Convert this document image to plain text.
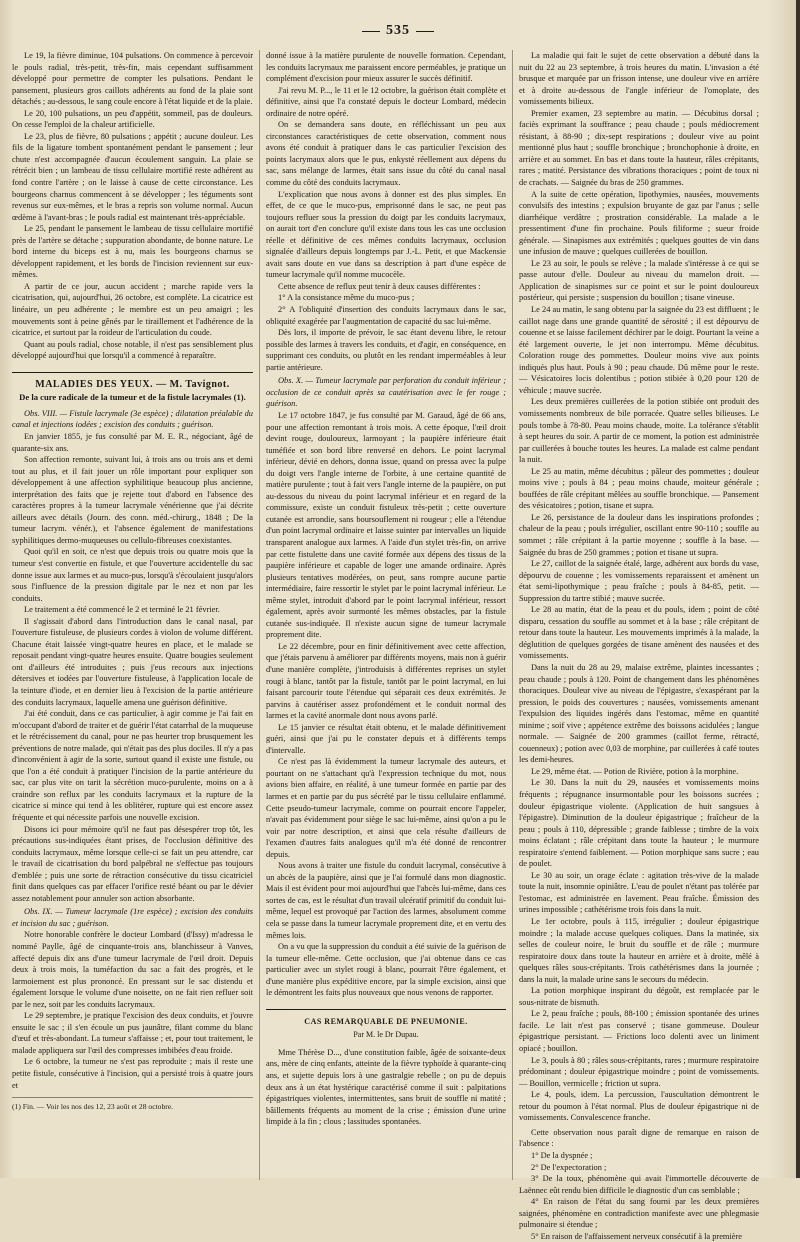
535

Le 19, la fièvre diminue, 104 pulsations. On commence à percevoir le pouls radial, très-petit, très-fin, mais cependant suffisamment développé pour permettre de compter les pulsations. Pendant le pansement, plusieurs gros caillots adhérents au fond de la plaie sont détachés ; au-dessous, le sang coule encore à l'état liquide et de la plaie.

Le 20, 100 pulsations, un peu d'appétit, sommeil, pas de douleurs. On cesse l'emploi de la chaleur artificielle.

Le 23, plus de fièvre, 80 pulsations ; appétit ; aucune douleur. Les fils de la ligature tombent spontanément pendant le pansement ; leur chute n'est accompagnée d'aucun écoulement sanguin. La plaie se rétrécit bien ; un lambeau de tissu cellulaire mortifié reste adhérent au fond contre l'artère ; on le laisse à cause de cette circonstance. Les bourgeons charnus commencent à se développer ; les téguments sont revenus sur eux-mêmes, et le bras a repris son volume normal. Aucun œdème à l'avant-bras ; le pouls radial est maintenant très-appréciable.

Le 25, pendant le pansement le lambeau de tissu cellulaire mortifié près de l'artère se détache ; suppuration abondante, de bonne nature. Le bord interne du biceps est à nu, mais les bourgeons charnus se développent rapidement, et les bords de l'incision reviennent sur eux-mêmes.

A partir de ce jour, aucun accident ; marche rapide vers la cicatrisation, qui, aujourd'hui, 26 octobre, est complète. La cicatrice est linéaire, un peu adhérente ; le membre est un peu amaigri ; les mouvements sont à peine gênés par le tiraillement et l'adhérence de la cicatrice, et surtout par la roideur de l'articulation du coude.

Quant au pouls radial, chose notable, il n'est pas sensiblement plus développé aujourd'hui que lorsqu'il a commencé à reparaître.

MALADIES DES YEUX. — M. Tavignot.

De la cure radicale de la tumeur et de la fistule lacrymales (1).

Obs. VIII. — Fistule lacrymale (3e espèce) ; dilatation préalable du canal et injections iodées ; excision des conduits ; guérison.

En janvier 1855, je fus consulté par M. E. R., négociant, âgé de quarante-six ans.

Son affection remonte, suivant lui, à trois ans ou trois ans et demi tout au plus, et il fait jouer un rôle important pour expliquer son développement à une affection syphilitique beaucoup plus ancienne, interprétation des faits que je rejette tout d'abord en l'absence des caractères propres à la tumeur lacrymale vénérienne que j'ai décrite ailleurs avec détails (Journ. des conn. méd.-chirurg., 1848 ; De la tumeur lacrym. vénér.), et l'absence également de manifestations syphilitiques dermo-muqueuses ou cellulo-fibreuses coexistantes.

Quoi qu'il en soit, ce n'est que depuis trois ou quatre mois que la tumeur s'est convertie en fistule, et que l'ouverture accidentelle du sac donne issue aux larmes et au muco-pus, lorsqu'à s'écoulaient jusqu'alors sous l'influence de la pression digitale par le nez et non par les conduits.

Le traitement a été commencé le 2 et terminé le 21 février.

Il s'agissait d'abord dans l'introduction dans le canal nasal, par l'ouverture fistuleuse, de plusieurs cordes à violon de volume différent. Chacune était laissée vingt-quatre heures en place, et le malade se reposait pendant vingt-quatre heures ensuite. Quatre bougies seulement ont d'ailleurs été introduites ; puis j'eus recours aux injections détersives et iodées par l'ouverture fistuleuse, à l'application locale de la teinture d'iode, et en dernier lieu à l'excision de la partie antérieure des conduits lacrymaux, laquelle amena une guérison définitive.

J'ai été conduit, dans ce cas particulier, à agir comme je l'ai fait en m'occupant d'abord de traiter et de guérir l'état catarrhal de la muqueuse et le rétrécissement du canal, pour ne pas heurter trop brusquement les préventions de notre malade, qui n'était pas des plus dociles. Il n'y a pas d'inconvénient à agir de la sorte, surtout quand il existe une fistule, ou que l'on a été conduit à pratiquer l'incision de la partie antérieure du sac, car plus vite on tarit la sécrétion muco-purulente, moins on a à craindre son reflux par les conduits lacrymaux et la rupture de la cicatrice si mince qui tend à les oblitérer, rupture qui est encore assez fréquente et qui nécessite parfois une nouvelle excision.

Disons ici pour mémoire qu'il ne faut pas désespérer trop tôt, les précautions sus-indiquées étant prises, de l'occlusion définitive des conduits lacrymaux, même lorsque celle-ci se fait un peu attendre, car le travail de cicatrisation du bord palpébral ne s'effectue pas toujours d'emblée ; puis une sorte de rétraction consécutive du tissu cicatriciel finit dans quelques cas par effacer l'orifice resté béant ou par le dévier assez notablement pour annuler son action absorbante.

Obs. IX. — Tumeur lacrymale (1re espèce) ; excision des conduits et incision du sac ; guérison.

Notre honorable confrère le docteur Lombard (d'Issy) m'adressa le nommé Paylle, âgé de cinquante-trois ans, blanchisseur à Vanves, affecté depuis dix ans d'une tumeur lacrymale de l'œil droit. Depuis deux à trois mois, la tuméfaction du sac a fait des progrès, et le larmoiement est plus prononcé. En pressant sur le sac distendu et également lorsque le volume d'une noisette, on ne fait rien refluer soit par le nez, soit par les conduits lacrymaux.

Le 29 septembre, je pratique l'excision des deux conduits, et j'ouvre ensuite le sac ; il s'en écoule un pus jaunâtre, filant comme du blanc d'œuf et très-abondant. La tumeur s'affaisse ; et, pour tout traitement, le malade appliquera sur l'œil des compresses imbibées d'eau froide.

Le 6 octobre, la tumeur ne s'est pas reproduite ; mais il reste une petite fistule, consécutive à l'incision, qui a persisté trois à quatre jours et

(1) Fin. — Voir les nos des 12, 23 août et 28 octobre.

donné issue à la matière purulente de nouvelle formation. Cependant, les conduits lacrymaux me paraissent encore perméables, je pratique un complément d'excision pour mieux assurer le succès définitif.

J'ai revu M. P..., le 11 et le 12 octobre, la guérison était complète et définitive, ainsi que l'a constaté depuis le docteur Lombard, médecin ordinaire de notre opéré.

On se demandera sans doute, en réfléchissant un peu aux circonstances caractéristiques de cette observation, comment nous avons été conduit à pratiquer dans le cas particulier l'excision des points lacrymaux alors que le pus, enkysté réellement aux dépens du sac, sans mélange de larmes, était sans issue du côté du canal nasal comme du côté des conduits lacrymaux.

L'explication que nous avons à donner est des plus simples. En effet, de ce que le muco-pus, emprisonné dans le sac, ne peut pas toujours refluer sous la pression du doigt par les conduits lacrymaux, on aurait tort d'en conclure qu'il existe dans tous les cas une occlusion réelle et définitive de ces mêmes conduits lacrymaux, occlusion signalée d'ailleurs depuis longtemps par J.-L. Petit, et que Mackensie avait sans doute en vue dans sa description à part d'une espèce de tumeur lacrymale qu'il nomme mucocèle.

Cette absence de reflux peut tenir à deux causes différentes :

1° A la consistance même du muco-pus ;

2° A l'obliquité d'insertion des conduits lacrymaux dans le sac, obliquité exagérée par l'augmentation de capacité du sac lui-même.

Dès lors, il importe de prévoir, le sac étant devenu libre, le retour possible des larmes à travers les conduits, et d'agir, en conséquence, en supprimant ces conduits, ou plutôt en les rendant imperméables à leur partie antérieure.

Obs. X. — Tumeur lacrymale par perforation du conduit inférieur ; occlusion de ce conduit après sa cautérisation avec le fer rouge ; guérison.

Le 17 octobre 1847, je fus consulté par M. Garaud, âgé de 66 ans, pour une affection remontant à trois mois. A cette époque, l'œil droit devint rouge, douloureux, larmoyant ; la paupière inférieure était tuméfiée et son bord libre renversé en dehors. Le point lacrymal inférieur, dévié en dehors, donna issue, quand on pressa avec la pulpe du doigt vers l'angle interne de l'orbite, à une certaine quantité de matière purulente ; tout à fait vers l'angle interne de la paupière, on put au-dessous du niveau du point lacrymal inférieur et en regard de la commissure, existe un conduit fistuleux très-petit ; cette ouverture cutanée est arrondie, sans boursouflement ni rougeur ; elle a l'étendue d'un point lacrymal ordinaire et laisse suinter par intervalles un liquide transparent analogue aux larmes. A l'aide d'un stylet très-fin, on arrive par cette fistulette dans une cavité formée aux dépens des tissus de la paupière inférieure et capable de loger une amande ordinaire. Après plusieurs tentatives modérées, on peut, sans rompre aucune partie intermédiaire, faire ressortir le stylet par le point lacrymal inférieur. Le même stylet, introduit d'abord par le point lacrymal inférieur, ressort également, après avoir surmonté les mêmes obstacles, par la fistule cutanée sus-indiquée. Il n'existe aucun signe de tumeur lacrymale proprement dite.

Le 22 décembre, pour en finir définitivement avec cette affection, que j'étais parvenu à améliorer par différents moyens, mais non à guérir d'une manière complète, j'introduisis à différentes reprises un stylet rougi à blanc, tantôt par la fistule, tantôt par le point lacrymal, en lui faisant parcourir toute l'étendue qui séparait ces deux extrémités. Je parvins à cautériser assez profondément et le conduit normal des larmes et la cavité anormale dont nous avons parlé.

Le 15 janvier ce résultat était obtenu, et le malade définitivement guéri, ainsi que j'ai pu le constater depuis et à différents temps d'intervalle.

Ce n'est pas là évidemment la tumeur lacrymale des auteurs, et pourtant on ne s'attachant qu'à l'expression technique du mot, nous avions bien affaire, en réalité, à une tumeur formée en partie par des larmes et en partie par du pus sécrété par le tissu cellulaire enflammé. Cette pseudo-tumeur lacrymale, comme on pourrait encore l'appeler, n'avait pas évidemment pour siège le sac lui-même, ainsi qu'on a pu le voir par notre description, et ainsi que cela résulte d'ailleurs de l'examen d'autres faits analogues qu'il m'a été donné de rencontrer depuis.

Nous avons à traiter une fistule du conduit lacrymal, consécutive à un abcès de la paupière, ainsi que je l'ai formulé dans mon diagnostic. Mais il est évident pour moi aujourd'hui que l'abcès lui-même, dans ces sortes de cas, est le résultat d'un travail ulcératif primitif du conduit lui-même, lequel est provoqué par l'action des larmes, absolument comme cela se passe dans la tumeur lacrymale proprement dite, et en vertu des mêmes lois.

On a vu que la suppression du conduit a été suivie de la guérison de la tumeur elle-même. Cette occlusion, que j'ai obtenue dans ce cas particulier avec un stylet rougi à blanc, pourrait l'être également, et d'une manière plus expéditive encore, par la simple excision, ainsi que le démontrent les faits plus nouveaux que nous venons de rapporter.

CAS REMARQUABLE DE PNEUMONIE.

Par M. le Dr Dupau.

Mme Thérèse D..., d'une constitution faible, âgée de soixante-deux ans, mère de cinq enfants, atteinte de la fièvre typhoïde à quarante-cinq ans, et sujette depuis lors à une gastralgie rebelle ; on pu de depuis deux ans à un état hystérique caractérisé comme il suit : palpitations épigastriques violentes, intermittentes, sans bruit de souffle ni matité ; bâillements fréquents au moment de la crise ; émission d'une urine limpide à la fin ; clous ; lassitudes spontanées.

La maladie qui fait le sujet de cette observation a débuté dans la nuit du 22 au 23 septembre, à trois heures du matin. L'invasion a été brusque et marquée par un frisson intense, une douleur vive en arrière et à droite au-dessous de l'angle inférieur de l'omoplate, des vomissements bilieux.

Premier examen, 23 septembre au matin. — Décubitus dorsal ; faciès exprimant la souffrance ; peau chaude ; pouls médiocrement résistant, à 88-90 ; dix-sept respirations ; douleur vive au point mentionné plus haut ; souffle bronchique ; bronchophonie à droite, en arrière et au sommet. En bas et dans toute la hauteur, râles crépitants, rares ; matité. Persistance des vibrations thoraciques ; point de toux ni de crachats. — Saignée du bras de 250 grammes.

A la suite de cette opération, lipothymies, nausées, mouvements convulsifs des intestins ; expulsion bruyante de gaz par l'anus ; selle diarrhéique verdâtre ; prostration considérable. La malade a le pressentiment d'une fin prochaine. Pouls filiforme ; sueur froide générale. — Sinapismes aux extrémités ; quelques gouttes de vin dans une infusion de mauve ; quelques cuillerées de bouillon.

Le 23 au soir, le pouls se relève ; la malade s'intéresse à ce qui se passe autour d'elle. Douleur au niveau du mamelon droit. — Application de sinapismes sur ce point et sur le point douloureux postérieur, qui persiste ; suspension du bouillon ; tisane vineuse.

Le 24 au matin, le sang obtenu par la saignée du 23 est diffluent ; le caillot nage dans une grande quantité de sérosité ; il est dépourvu de couenne et se laisse facilement déchirer par le doigt. Pourtant la veine a été largement ouverte, le jet non interrompu. Même décubitus. Coloration rouge des pommettes. Douleur moins vive aux points indiqués plus haut. Pouls à 90 ; peau chaude. Dû même pour le reste. — Vésicatoires locis dolentibus ; potion stibiée à 0,20 pour 120 de véhicule ; mauve sucrée.

Les deux premières cuillerées de la potion stibiée ont produit des vomissements nombreux de bile porracée. Quatre selles bilieuses. Le pouls tombe à 78-80. Peau moins chaude, moite. La tolérance s'établit à sept heures du soir. A partir de ce moment, la potion est administrée par cuillerées à bouche toutes les heures. La malade est calme pendant la nuit.

Le 25 au matin, même décubitus ; pâleur des pommettes ; douleur moins vive ; pouls à 84 ; peau moins chaude, moiteur générale ; bouffées de râle crépitant mêlées au souffle bronchique. — Pansement des vésicatoires ; potion, tisane et supra.

Le 26, persistance de la douleur dans les inspirations profondes ; chaleur de la peau ; pouls irrégulier, oscillant entre 90-110 ; souffle au sommet ; râle crépitant à la partie moyenne ; souffle à la base. — Saignée du bras de 250 grammes ; potion et tisane ut supra.

Le 27, caillot de la saignée étalé, large, adhérent aux bords du vase, dépourvu de couenne ; les vomissements reparaissent et amènent un état semi-lipothymique ; peau fraîche ; pouls à 84-85, petit. — Suppression du tartre stibié ; mauve sucrée.

Le 28 au matin, état de la peau et du pouls, idem ; point de côté disparu, cessation du souffle au sommet et à la base ; râle crépitant de retour dans toute la hauteur. Les mouvements imprimés à la malade, la déglutition de quelques gorgées de tisane amènent des nausées et des vomissements.

Dans la nuit du 28 au 29, malaise extrême, plaintes incessantes ; peau chaude ; pouls à 120. Point de changement dans les phénomènes thoraciques. Douleur vive au niveau de l'épigastre, s'exaspérant par la pression, le poids des couvertures ; nausées, vomissements amenant l'expulsion des liquides ingérés dans l'estomac, même en quantité minime ; soif vive ; appétence extrême des boissons acidulées ; langue normale. — Saignée de 200 grammes (caillot ferme, rétracté, couenneux) ; potion avec 0,03 de morphine, par cuillerées à café toutes les demi-heures.

Le 29, même état. — Potion de Rivière, potion à la morphine.

Le 30. Dans la nuit du 29, nausées et vomissements moins fréquents ; répugnance insurmontable pour les boissons sucrées ; douleur épigastrique violente. (Application de huit sangsues à l'épigastre). Diminution de la douleur épigastrique ; fraîcheur de la peau ; pouls à 110, dépressible ; grande faiblesse ; timbre de la voix moins éclatant ; râle crépitant dans toute la hauteur ; le murmure respiratoire s'entend faiblement. — Potion morphique sans sucre ; eau de poulet.

Le 30 au soir, un orage éclate : agitation très-vive de la malade toute la nuit, insomnie opiniâtre. L'eau de poulet n'étant pas tolérée par l'estomac, est administrée en lavement. Peau fraîche. Émission des urines impossible ; cathétérisme trois fois dans la nuit.

Le 1er octobre, pouls à 115, irrégulier ; douleur épigastrique moindre ; la malade accuse quelques coliques. Dans la matinée, six selles de couleur noire, le bruit du souffle et de râle ; murmure respiratoire doux dans toute la hauteur en arrière et à droite, mêlé à quelques râles sous-crépitants. Trois cathétérismes dans la journée ; dans la nuit, la malade urine sans le secours du médecin.

La potion morphique inspirant du dégoût, est remplacée par le sous-nitrate de bismuth.

Le 2, peau fraîche ; pouls, 88-100 ; émission spontanée des urines facile. Le lait n'est pas conservé ; tisane gommeuse. Douleur épigastrique persistant. — Frictions loco dolenti avec un liniment opiacé ; bouillon.

Le 3, pouls à 80 ; râles sous-crépitants, rares ; murmure respiratoire prédominant ; douleur épigastrique moindre ; point de vomissements. — Bouillon, vermicelle ; friction ut supra.

Le 4, pouls, idem. La percussion, l'auscultation démontrent le retour du poumon à l'état normal. Plus de douleur épigastrique ni de vomissements. Convalescence franche.

Cette observation nous paraît digne de remarque en raison de l'absence :

1° De la dyspnée ;

2° De l'expectoration ;

3° De la toux, phénomène qui avait l'immortelle découverte de Laënnec eût rendu bien difficile le diagnostic d'un cas semblable ;

4° En raison de l'état du sang fourni par les deux premières saignées, phénomène en contradiction manifeste avec une phlegmasie pulmonaire si étendue ;

5° En raison de l'affaissement nerveux consécutif à la première
